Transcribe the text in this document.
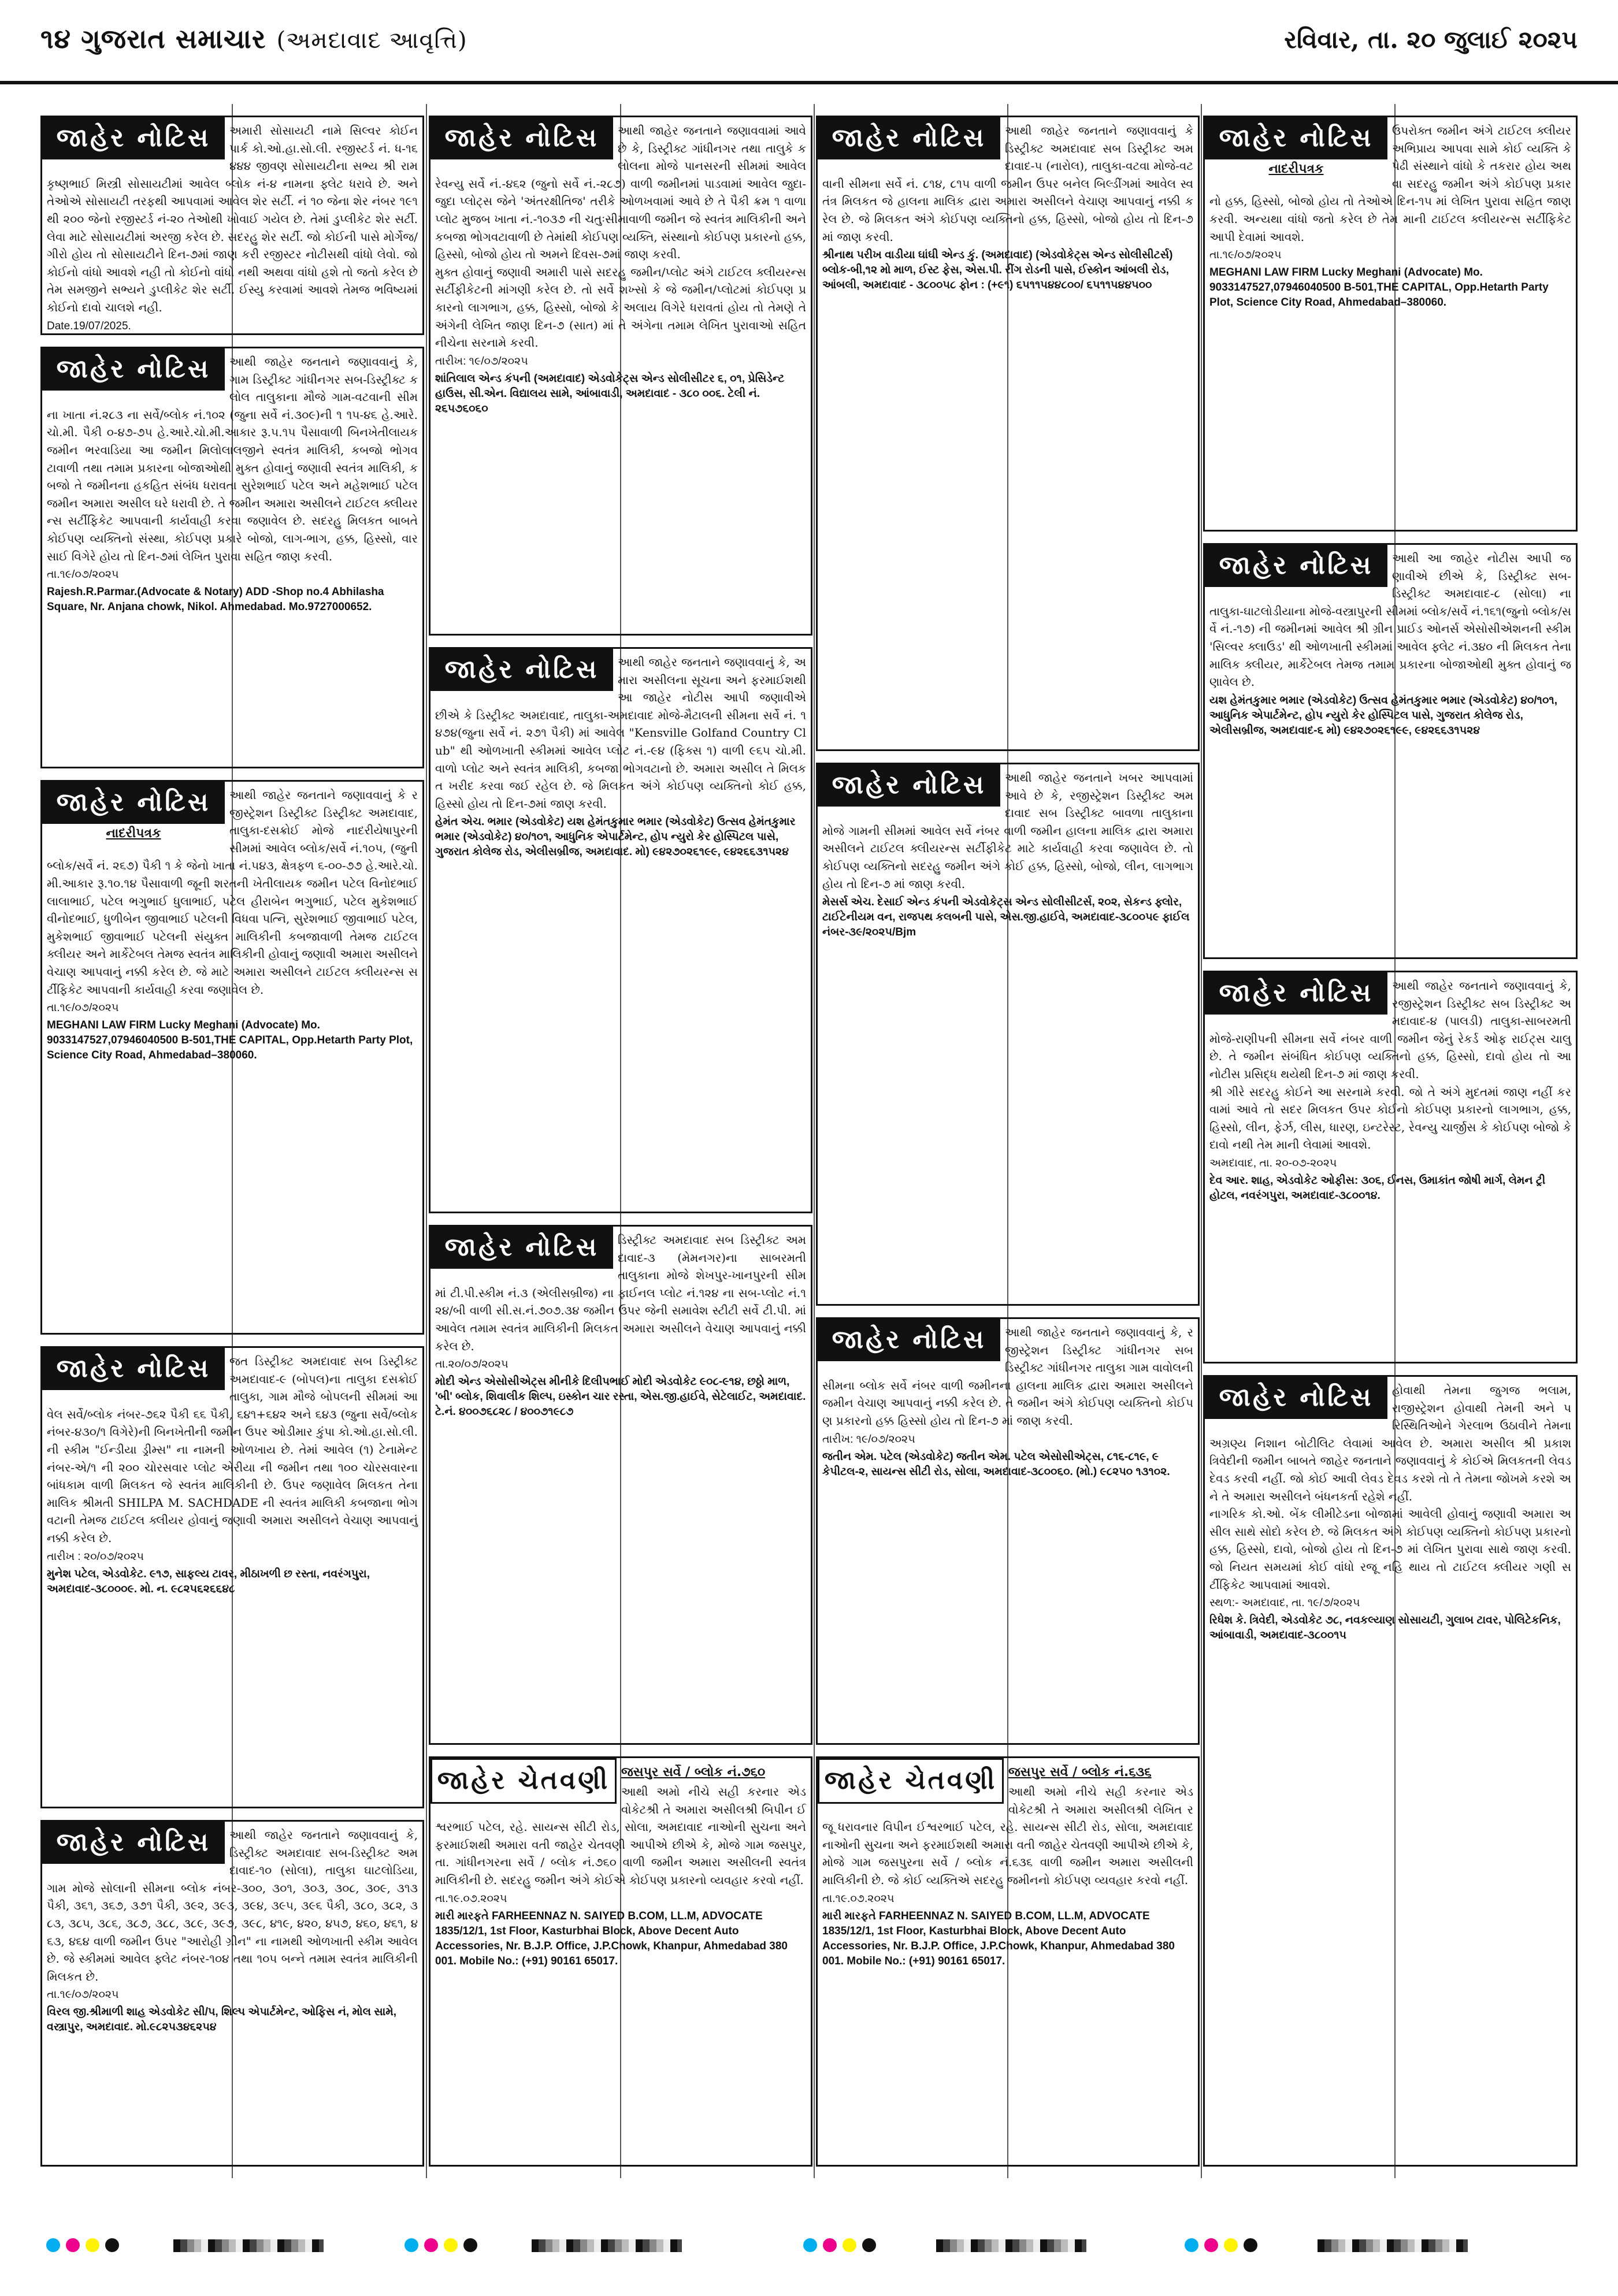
૧૪ ગુજરાત સમાચાર (અમદાવાદ આવૃત્તિ)	રવિવાર, તા. ૨૦ જુલાઈ ૨૦૨૫
જાહેર નોટિસ	અમારી સોસાયટી નામે સિલ્વર કોઈન પાર્ક કો.ઓ.હા.સો.લી. રજીસ્ટર્ડ નં. ધ-૧૬૪૪૪ જીવણ સોસાયટીના સભ્ય શ્રી રામકૃષ્ણભાઈ મિસ્ત્રી સોસાયટીમાં આવેલ બ્લોક નં-૪ નામના ફ્લેટ ધરાવે છે. અને તેઓએ સોસાયટી તરફથી આપવામાં આવેલ શેર સર્ટી. નં ૧૦ જેના શેર નંબર ૧૯૧ થી ૨૦૦ જેનો રજીસ્ટર્ડ નં-૨૦ તેઓથી ખોવાઈ ગયેલ છે. તેમાં ડુપ્લીકેટ શેર સર્ટી. લેવા માટે સોસાયટીમાં અરજી કરેલ છે. સદરહુ શેર સર્ટી. જો કોઈની પાસે મોર્ગેજ/ગીરો હોય તો સોસાયટીને દિન-૭માં જાણ કરી રજીસ્ટર નોટીસથી વાંધો લેવો. જો કોઈનો વાંધો આવશે નહી તો કોઈનો વાંધો નથી અથવા વાંધો હશે તો જતો કરેલ છે તેમ સમજીને સભ્યને ડુપ્લીકેટ શેર સર્ટી. ઈસ્યુ કરવામાં આવશે તેમજ ભવિષ્યમાં કોઈનો દાવો ચાલશે નહી.
Date.19/07/2025.
જાહેર નોટિસ	આથી જાહેર જનતાને જણાવવાનું કે, ગામ ડિસ્ટ્રીક્ટ ગાંધીનગર સબ-ડિસ્ટ્રીક્ટ કલોલ તાલુકાના મૌજે ગામ-વટવાની સીમના ખાતા નં.૨૮૩ ના સર્વે/બ્લોક નં.૧૦૨ (જુના સર્વે નં.૩૦૯)ની ૧ ૧૫-૪૬ હે.આરે.ચો.મી. પૈકી ૦-૪૭-૭૫ હે.આરે.ચો.મી.આકાર રૂ.૫.૧૫ પૈસાવાળી બિનખેતીલાયક જમીન ભરવાડિયા આ જમીન મિલોલાલજીને સ્વતંત્ર માલિકી, કબજો ભોગવટાવાળી તથા તમામ પ્રકારના બોજાઓથી મુક્ત હોવાનું જણાવી સ્વતંત્ર માલિકી, કબજો તે જમીનના હકહિત સંબંધ ધરાવતા સુરેશભાઈ પટેલ અને મહેશભાઈ પટેલ જમીન અમારા અસીલ ઘરે ધરાવી છે. તે જમીન અમારા અસીલને ટાઈટલ ક્લીયરન્સ સર્ટીફિકેટ આપવાની કાર્યવાહી કરવા જણાવેલ છે. સદરહુ મિલકત બાબતે કોઈપણ વ્યક્તિનો સંસ્થા, કોઈપણ પ્રકારે બોજો, લાગ-ભાગ, હક્ક, હિસ્સો, વારસાઈ વિગેરે હોય તો દિન-૭માં લેખિત પુરાવા સહિત જાણ કરવી.
તા.૧૯/૦૭/૨૦૨૫
Rajesh.R.Parmar.(Advocate & Notary) ADD -Shop no.4 Abhilasha Square, Nr. Anjana chowk, Nikol. Ahmedabad. Mo.9727000652.
જાહેર નોટિસ
નાદરીપત્રક
આથી જાહેર જનતાને જણાવવાનું કે રજીસ્ટ્રેશન ડિસ્ટ્રીક્ટ ડિસ્ટ્રીક્ટ અમદાવાદ, તાલુકા-દસક્રોઈ મોજે નાદરીયેષાપુરની સીમમાં આવેલ બ્લોક/સર્વે નં.૧૦૫, (જુની બ્લોક/સર્વે નં. ૨૬૭) પૈકી ૧ કે જેનો ખાતા નં.૫૪૩, ક્ષેત્રફળ ૬-૦૦-૭૭ હે.આરે.ચો.મી.આકાર રૂ.૧૦.૧૪ પૈસાવાળી જૂની શરતની ખેતીલાયક જમીન પટેલ વિનોદભાઈ લાલાભાઈ, પટેલ ભગુભાઈ ધુલાભાઈ, પટેલ હીરાબેન ભગુભાઈ, પટેલ મુકેશભાઈ વીનોદભાઈ, ધુળીબેન જીવાભાઈ પટેલની વિધવા પત્નિ, સુરેશભાઈ જીવાભાઈ પટેલ, મુકેશભાઈ જીવાભાઈ પટેલની સંયુક્ત માલિકીની કબજાવાળી તેમજ ટાઈટલ ક્લીયર અને માર્કેટેબલ તેમજ સ્વતંત્ર માલિકીની હોવાનું જણાવી અમારા અસીલને વેચાણ આપવાનું નક્કી કરેલ છે. જે માટે અમારા અસીલને ટાઈટલ ક્લીયરન્સ સર્ટીફિકેટ આપવાની કાર્યવાહી કરવા જણાવેલ છે.
તા.૧૯/૦૭/૨૦૨૫
MEGHANI LAW FIRM Lucky Meghani (Advocate) Mo. 9033147527,07946040500 B-501,THE CAPITAL, Opp.Hetarth Party Plot, Science City Road, Ahmedabad–380060.
જાહેર નોટિસ	જત ડિસ્ટ્રીક્ટ અમદાવાદ સબ ડિસ્ટ્રીક્ટ અમદાવાદ-૯ (બોપલ)ના તાલુકા દસક્રોઈ તાલુકા, ગામ મૌજે બોપલની સીમમાં આવેલ સર્વે/બ્લોક નંબર-૭૬૨ પૈકી ૬૬ પૈકી, ૬૪૧+૬૪૨ અને ૬૪૩ (જુના સર્વે/બ્લોક નંબર-૪૩૦/૧ વિગેરે)ની બિનખેતીની જમીન ઉપર ઓડીમાર કુંપા કો.ઓ.હા.સો.લી. ની સ્કીમ "ઈન્ડીયા ડ્રીમ્સ" ના નામની ઓળખાય છે. તેમાં આવેલ (૧) ટેનામેન્ટ નંબર-એ/૧ ની ૨૦૦ ચોરસવાર પ્લોટ એરીયા ની જમીન તથા ૧૦૦ ચોરસવારના બાંધકામ વાળી મિલકત જે સ્વતંત્ર માલિકીની છે. ઉપર જણાવેલ મિલકત તેના માલિક શ્રીમતી SHILPA M. SACHDADE ની સ્વતંત્ર માલિકી કબજાના ભોગવટાની તેમજ ટાઈટલ ક્લીયર હોવાનું જણાવી અમારા અસીલને વેચાણ આપવાનું નક્કી કરેલ છે.
તારીખ : ૨૦/૦૭/૨૦૨૫
મુનેશ પટેલ, એડવોકેટ. ૯૧૭, સાફલ્ય ટાવર, મીઠાખળી છ રસ્તા, નવરંગપુરા, અમદાવાદ-૩૮૦૦૦૯. મો. ન. ૯૮૨૫૬૨૬૬૪૮
જાહેર નોટિસ	આથી જાહેર જનતાને જણાવવાનું કે, ડિસ્ટ્રીક્ટ અમદાવાદ સબ-ડિસ્ટ્રીક્ટ અમદાવાદ-૧૦ (સોલા), તાલુકા ઘાટલોડિયા, ગામ મોજે સોલાની સીમના બ્લોક નંબર-૩૦૦, ૩૦૧, ૩૦૩, ૩૦૮, ૩૦૯, ૩૧૩ પૈકી, ૩૬૧, ૩૬૭, ૩૭૧ પૈકી, ૩૯૨, ૩૯૩, ૩૯૪, ૩૯૫, ૩૯૬ પૈકી, ૩૮૦, ૩૮૨, ૩૮૩, ૩૮૫, ૩૮૬, ૩૮૭, ૩૮૮, ૩૮૯, ૩૯૭, ૩૯૮, ૪૧૯, ૪૨૦, ૪૫૭, ૪૬૦, ૪૬૧, ૪૬૩, ૪૬૪ વાળી જમીન ઉપર "આરોહી ગ્રીન" ના નામથી ઓળખાતી સ્કીમ આવેલ છે. જે સ્કીમમાં આવેલ ફ્લેટ નંબર-૧૦૪ તથા ૧૦૫ બન્ને તમામ સ્વતંત્ર માલિકીની મિલકત છે.
તા.૧૯/૦૭/૨૦૨૫
વિરલ જી.શ્રીમાળી શાહ એડવોકેટ સી/૫, શિલ્પ એપાર્ટમેન્ટ, ઓફિસ નં, મોલ સામે, વસ્ત્રાપુર, અમદાવાદ. મો.૯૮૨૫૩૪૬૨૫૪
જાહેર નોટિસ	આથી જાહેર જનતાને જણાવવામાં આવે છે કે, ડિસ્ટ્રીક્ટ ગાંધીનગર તથા તાલુકે કલોલના મોજે પાનસરની સીમમાં આવેલ રેવન્યુ સર્વે નં.-૪૬૨ (જુનો સર્વે નં.-૨૮૭) વાળી જમીનમાં પાડવામાં આવેલ જુદા-જુદા પ્લોટ્સ જેને 'અંતરક્ષીતિજ' તરીકે ઓળખવામાં આવે છે તે પૈકી ક્રમ ૧ વાળા પ્લોટ મુજબ ખાતા નં.-૧૦૩૭ ની ચતુઃસીમાવાળી જમીન જે સ્વતંત્ર માલિકીની અને કબજા ભોગવટાવાળી છે તેમાંથી કોઈપણ વ્યક્તિ, સંસ્થાનો કોઈપણ પ્રકારનો હક્ક, હિસ્સો, બોજો હોય તો અમને દિવસ-૭માં જાણ કરવી.
મુક્ત હોવાનું જણાવી અમારી પાસે સદરહુ જમીન/પ્લોટ અંગે ટાઈટલ ક્લીયરન્સ સર્ટીફીકેટની માંગણી કરેલ છે. તો સર્વે શખ્સો કે જે જમીન/પ્લોટમાં કોઈપણ પ્રકારનો લાગભાગ, હક્ક, હિસ્સો, બોજો કે અલાય વિગેરે ધરાવતાં હોય તો તેમણે તે અંગેની લેખિત જાણ દિન-૭ (સાત) માં તે અંગેના તમામ લેખિત પુરાવાઓ સહિત નીચેના સરનામે કરવી.
તારીખ: ૧૯/૦૭/૨૦૨૫
શાંતિલાલ એન્ડ કંપની (અમદાવાદ) એડવોકેટ્સ એન્ડ સોલીસીટર ૬, ૦૧, પ્રેસિડેન્ટ હાઉસ, સી.એન. વિદ્યાલય સામે, આંબાવાડી, અમદાવાદ - ૩૮૦ ૦૦૬. ટેલી નં. ૨૬૫૭૬૦૬૦
જાહેર નોટિસ	આથી જાહેર જનતાને જણાવવાનું કે, અમારા અસીલના સૂચના અને ફરમાઈશથી આ જાહેર નોટીસ આપી જણાવીએ છીએ કે ડિસ્ટ્રીક્ટ અમદાવાદ, તાલુકા-અમદાવાદ મોજે-મૈટાલની સીમના સર્વે નં. ૧૪૭૪(જુના સર્વે નં. ૨૭૧ પૈકી) માં આવેલ "Kensville Golfand Country Club" થી ઓળખાતી સ્કીમમાં આવેલ પ્લોટ નં.-૯૪ (ફિક્સ ૧) વાળી ૯૬૫ ચો.મી. વાળો પ્લોટ અને સ્વતંત્ર માલિકી, કબજા ભોગવટાનો છે. અમારા અસીલ તે મિલકત ખરીદ કરવા જઈ રહેલ છે. જે મિલકત અંગે કોઈપણ વ્યક્તિનો કોઈ હક્ક, હિસ્સો હોય તો દિન-૭માં જાણ કરવી.
હેમંત એચ. ભમાર (એડવોકેટ) યશ હેમંતકુમાર ભમાર (એડવોકેટ) ઉત્સવ હેમંતકુમાર ભમાર (એડવોકેટ) ૪૦/૧૦૧, આધુનિક એપાર્ટમેન્ટ, હોપ ન્યુરો કેર હોસ્પિટલ પાસે, ગુજરાત કોલેજ રોડ, એલીસબ્રીજ, અમદાવાદ. મો) ૯૪૨૭૦૨૬૧૯૯, ૯૪૨૬૬૩૧૫૨૪
જાહેર નોટિસ	ડિસ્ટ્રીક્ટ અમદાવાદ સબ ડિસ્ટ્રીક્ટ અમદાવાદ-૩ (મેમનગર)ના સાબરમતી તાલુકાના મોજે શેખપુર-ખાનપુરની સીમમાં ટી.પી.સ્કીમ નં.૩ (એલીસબ્રીજ) ના ફાઈનલ પ્લોટ નં.૧૨૪ ના સબ-પ્લોટ નં.૧૨૪/બી વાળી સી.સ.નં.૭૦૭.૩૪ જમીન ઉપર જેની સમાવેશ સ્ટીટી સર્વે ટી.પી. માં આવેલ તમામ સ્વતંત્ર માલિકીની મિલકત અમારા અસીલને વેચાણ આપવાનું નક્કી કરેલ છે.
તા.૨૦/૦૭/૨૦૨૫
મોદી એન્ડ એસોસીએટ્સ મીનીકે દિલીપભાઈ મોદી એડવોકેટ ૯૦૮-૯૧૪, છઠ્ઠો માળ, 'બી' બ્લોક, શિવાલીક શિલ્પ, ઇસ્કોન ચાર રસ્તા, એસ.જી.હાઈવે, સેટેલાઈટ, અમદાવાદ. ટે.નં. ૪૦૦૭૬૮૨૮ / ૪૦૦૭૧૯૮૭
જાહેર ચેતવણી જસપુર સર્વે / બ્લોક નં.૭૬૦
આથી અમો નીચે સહી કરનાર એડવોકેટશ્રી તે અમારા અસીલશ્રી બિપીન ઈશ્વરભાઈ પટેલ, રહે. સાયન્સ સીટી રોડ, સોલા, અમદાવાદ નાઓની સુચના અને ફરમાઈશથી અમારા વતી જાહેર ચેતવણી આપીએ છીએ કે, મોજે ગામ જસપુર, તા. ગાંધીનગરના સર્વે / બ્લોક નં.૭૬૦ વાળી જમીન અમારા અસીલની સ્વતંત્ર માલિકીની છે. સદરહુ જમીન અંગે કોઈએ કોઈપણ પ્રકારનો વ્યવહાર કરવો નહીં.
તા.૧૯.૦૭.૨૦૨૫
મારી મારફતે FARHEENNAZ N. SAIYED B.COM, LL.M, ADVOCATE 1835/12/1, 1st Floor, Kasturbhai Block, Above Decent Auto Accessories, Nr. B.J.P. Office, J.P.Chowk, Khanpur, Ahmedabad 380 001. Mobile No.: (+91) 90161 65017.
જાહેર નોટિસ	આથી જાહેર જનતાને જણાવવાનું કે ડિસ્ટ્રીક્ટ અમદાવાદ સબ ડિસ્ટ્રીક્ટ અમદાવાદ-૫ (નારોલ), તાલુકા-વટવા મોજે-વટવાની સીમના સર્વે નં. ૮૧૪, ૮૧૫ વાળી જમીન ઉપર બનેલ બિલ્ડીંગમાં આવેલ સ્વતંત્ર મિલકત જે હાલના માલિક દ્વારા અમારા અસીલને વેચાણ આપવાનું નક્કી કરેલ છે. જે મિલકત અંગે કોઈપણ વ્યક્તિનો હક્ક, હિસ્સો, બોજો હોય તો દિન-૭ માં જાણ કરવી.
શ્રીનાથ પરીખ વાડીયા ઘાંઘી એન્ડ કું. (અમદાવાદ) (એડવોકેટ્સ એન્ડ સોલીસીટર્સ) બ્લોક-બી,૧૨ મો માળ, ઈસ્ટ ફેસ, એસ.પી. રીંગ રોડની પાસે, ઈસ્કોન આંબલી રોડ, આંબલી, અમદાવાદ - ૩૮૦૦૫૮ ફોન : (+૯૧) ૬૫૧૧૫૪૪૮૦૦/ ૬૫૧૧૫૪૪૫૦૦
જાહેર નોટિસ	આથી જાહેર જનતાને ખબર આપવામાં આવે છે કે, રજીસ્ટ્રેશન ડિસ્ટ્રીક્ટ અમદાવાદ સબ ડિસ્ટ્રીક્ટ બાવળા તાલુકાના મોજે ગામની સીમમાં આવેલ સર્વે નંબર વાળી જમીન હાલના માલિક દ્વારા અમારા અસીલને ટાઈટલ ક્લીયરન્સ સર્ટીફીકેટ માટે કાર્યવાહી કરવા જણાવેલ છે. તો કોઈપણ વ્યક્તિનો સદરહુ જમીન અંગે કોઈ હક્ક, હિસ્સો, બોજો, લીન, લાગભાગ હોય તો દિન-૭ માં જાણ કરવી.
મેસર્સ એચ. દેસાઈ એન્ડ કંપની એડવોકેટ્સ એન્ડ સોલીસીટર્સ, ૨૦૨, સેકન્ડ ફ્લોર, ટાઈટેનીયમ વન, રાજપથ કલબની પાસે, એસ.જી.હાઈવે, અમદાવાદ-૩૮૦૦૫૯ ફાઈલ નંબર-૩૯/૨૦૨૫/Bjm
જાહેર નોટિસ	આથી જાહેર જનતાને જણાવવાનું કે, રજીસ્ટ્રેશન ડિસ્ટ્રીક્ટ ગાંધીનગર સબ ડિસ્ટ્રીક્ટ ગાંધીનગર તાલુકા ગામ વાવોલની સીમના બ્લોક સર્વે નંબર વાળી જમીનના હાલના માલિક દ્વારા અમારા અસીલને જમીન વેચાણ આપવાનું નક્કી કરેલ છે. તે જમીન અંગે કોઈપણ વ્યક્તિનો કોઈપણ પ્રકારનો હક્ક હિસ્સો હોય તો દિન-૭ માં જાણ કરવી.
તારીખ: ૧૯/૦૭/૨૦૨૫
જતીન એમ. પટેલ (એડવોકેટ) જતીન એમ. પટેલ એસોસીએટ્સ, ૮૧૬-૮૧૯, ૯ કેપીટલ-૨, સાયન્સ સીટી રોડ, સોલા, અમદાવાદ-૩૮૦૦૬૦. (મો.) ૯૮૨૫૦ ૧૩૧૦૨.
જાહેર ચેતવણી જસપુર સર્વે / બ્લોક નં.૬૩૬
આથી અમો નીચે સહી કરનાર એડવોકેટશ્રી તે અમારા અસીલશ્રી લેખિત રજૂ ધરાવનાર વિપીન ઈશ્વરભાઈ પટેલ, રહે. સાયન્સ સીટી રોડ, સોલા, અમદાવાદ નાઓની સુચના અને ફરમાઈશથી અમારા વતી જાહેર ચેતવણી આપીએ છીએ કે, મોજે ગામ જસપુરના સર્વે / બ્લોક નં.૬૩૬ વાળી જમીન અમારા અસીલની માલિકીની છે. જે કોઈ વ્યક્તિએ સદરહુ જમીનનો કોઈપણ વ્યવહાર કરવો નહીં.
તા.૧૯.૦૭.૨૦૨૫
મારી મારફતે FARHEENNAZ N. SAIYED B.COM, LL.M, ADVOCATE 1835/12/1, 1st Floor, Kasturbhai Block, Above Decent Auto Accessories, Nr. B.J.P. Office, J.P.Chowk, Khanpur, Ahmedabad 380 001. Mobile No.: (+91) 90161 65017.
જાહેર નોટિસ
નાદરીપત્રક
ઉપરોક્ત જમીન અંગે ટાઈટલ ક્લીયર અભિપ્રાય આપવા સામે કોઈ વ્યક્તિ કે પેઢી સંસ્થાને વાંધો કે તકરાર હોય અથવા સદરહુ જમીન અંગે કોઈપણ પ્રકારનો હક્ક, હિસ્સો, બોજો હોય તો તેઓએ દિન-૧૫ માં લેખિત પુરાવા સહિત જાણ કરવી. અન્યથા વાંધો જતો કરેલ છે તેમ માની ટાઈટલ ક્લીયરન્સ સર્ટીફિકેટ આપી દેવામાં આવશે.
તા.૧૯/૦૭/૨૦૨૫
MEGHANI LAW FIRM Lucky Meghani (Advocate) Mo. 9033147527,07946040500 B-501,THE CAPITAL, Opp.Hetarth Party Plot, Science City Road, Ahmedabad–380060.
જાહેર નોટિસ	આથી આ જાહેર નોટીસ આપી જણાવીએ છીએ કે, ડિસ્ટ્રીક્ટ સબ-ડિસ્ટ્રીક્ટ અમદાવાદ-૮ (સોલા) ના તાલુકા-ઘાટલોડીયાના મોજે-વસ્ત્રાપુરની સીમમાં બ્લોક/સર્વે નં.૧૬૧(જુનો બ્લોક/સર્વે નં.-૧૭) ની જમીનમાં આવેલ શ્રી ગ્રીન પ્રાઈડ ઓનર્સ એસોસીએશનની સ્કીમ 'સિલ્વર ક્લાઉડ' થી ઓળખાતી સ્કીમમાં આવેલ ફ્લેટ નં.૩૪૦ ની મિલકત તેના માલિક ક્લીયર, માર્કેટેબલ તેમજ તમામ પ્રકારના બોજાઓથી મુક્ત હોવાનું જણાવેલ છે.
યશ હેમંતકુમાર ભમાર (એડવોકેટ) ઉત્સવ હેમંતકુમાર ભમાર (એડવોકેટ) ૪૦/૧૦૧, આધુનિક એપાર્ટમેન્ટ, હોપ ન્યુરો કેર હોસ્પિટલ પાસે, ગુજરાત કોલેજ રોડ, એલીસબ્રીજ, અમદાવાદ-૬ મો) ૯૪૨૭૦૨૬૧૯૯, ૯૪૨૬૬૩૧૫૨૪
જાહેર નોટિસ	આથી જાહેર જનતાને જણાવવાનું કે, રજીસ્ટ્રેશન ડિસ્ટ્રીક્ટ સબ ડિસ્ટ્રીક્ટ અમદાવાદ-૪ (પાલડી) તાલુકા-સાબરમતી મોજે-રાણીપની સીમના સર્વે નંબર વાળી જમીન જેનું રેકર્ડ ઓફ રાઈટ્સ ચાલુ છે. તે જમીન સંબંધિત કોઈપણ વ્યક્તિનો હક્ક, હિસ્સો, દાવો હોય તો આ નોટીસ પ્રસિદ્ધ થયેથી દિન-૭ માં જાણ કરવી.
શ્રી ગીરે સદરહુ કોઈને આ સરનામે કરવી. જો તે અંગે મુદતમાં જાણ નહીં કરવામાં આવે તો સદર મિલકત ઉપર કોઈનો કોઈપણ પ્રકારનો લાગભાગ, હક્ક, હિસ્સો, લીન, ફેર્ઝ, લીસ, ધારણ, ઇન્ટરેસ્ટ, રેવન્યુ ચાર્જીસ કે કોઈપણ બોજો કે દાવો નથી તેમ માની લેવામાં આવશે.
અમદાવાદ, તા. ૨૦-૦૭-૨૦૨૫
દેવ આર. શાહ, એડવોકેટ ઓફીસ: ૩૦૬, ઈનસ, ઉમાકાંત જોષી માર્ગ, લેમન ટ્રી હોટલ, નવરંગપુરા, અમદાવાદ-૩૮૦૦૧૪.
જાહેર નોટિસ	હોવાથી તેમના જુગજ ભલામ, રાજીસ્ટ્રેશન હોવાથી તેમની અને પરિસ્થિતિઓને ગેરલાભ ઉઠાવીને તેમના અગ્રણ્ય નિશાન બોટીલિટ લેવામાં આવેલ છે. અમારા અસીલ શ્રી પ્રકાશ ત્રિવેદીની જમીન બાબતે જાહેર જનતાને જણાવવાનું કે કોઈએ મિલકતની લેવડ દેવડ કરવી નહીં. જો કોઈ આવી લેવડ દેવડ કરશે તો તે તેમના જોખમે કરશે અને તે અમારા અસીલને બંધનકર્તા રહેશે નહીં.
નાગરિક કો.ઓ. બેંક લીમીટેડના બોજામાં આવેલી હોવાનું જણાવી અમારા અસીલ સાથે સોદો કરેલ છે. જે મિલકત અંગે કોઈપણ વ્યક્તિનો કોઈપણ પ્રકારનો હક્ક, હિસ્સો, દાવો, બોજો હોય તો દિન-૭ માં લેખિત પુરાવા સાથે જાણ કરવી. જો નિયત સમયમાં કોઈ વાંધો રજૂ નહિ થાય તો ટાઈટલ ક્લીયર ગણી સર્ટીફિકેટ આપવામાં આવશે.
સ્થળ:- અમદાવાદ, તા. ૧૯/૭/૨૦૨૫
રિધેશ કે. ત્રિવેદી, એડવોકેટ ૭૮, નવકલ્યાણ સોસાયટી, ગુલાબ ટાવર, પોલિટેકનિક, આંબાવાડી, અમદાવાદ-૩૮૦૦૧૫
